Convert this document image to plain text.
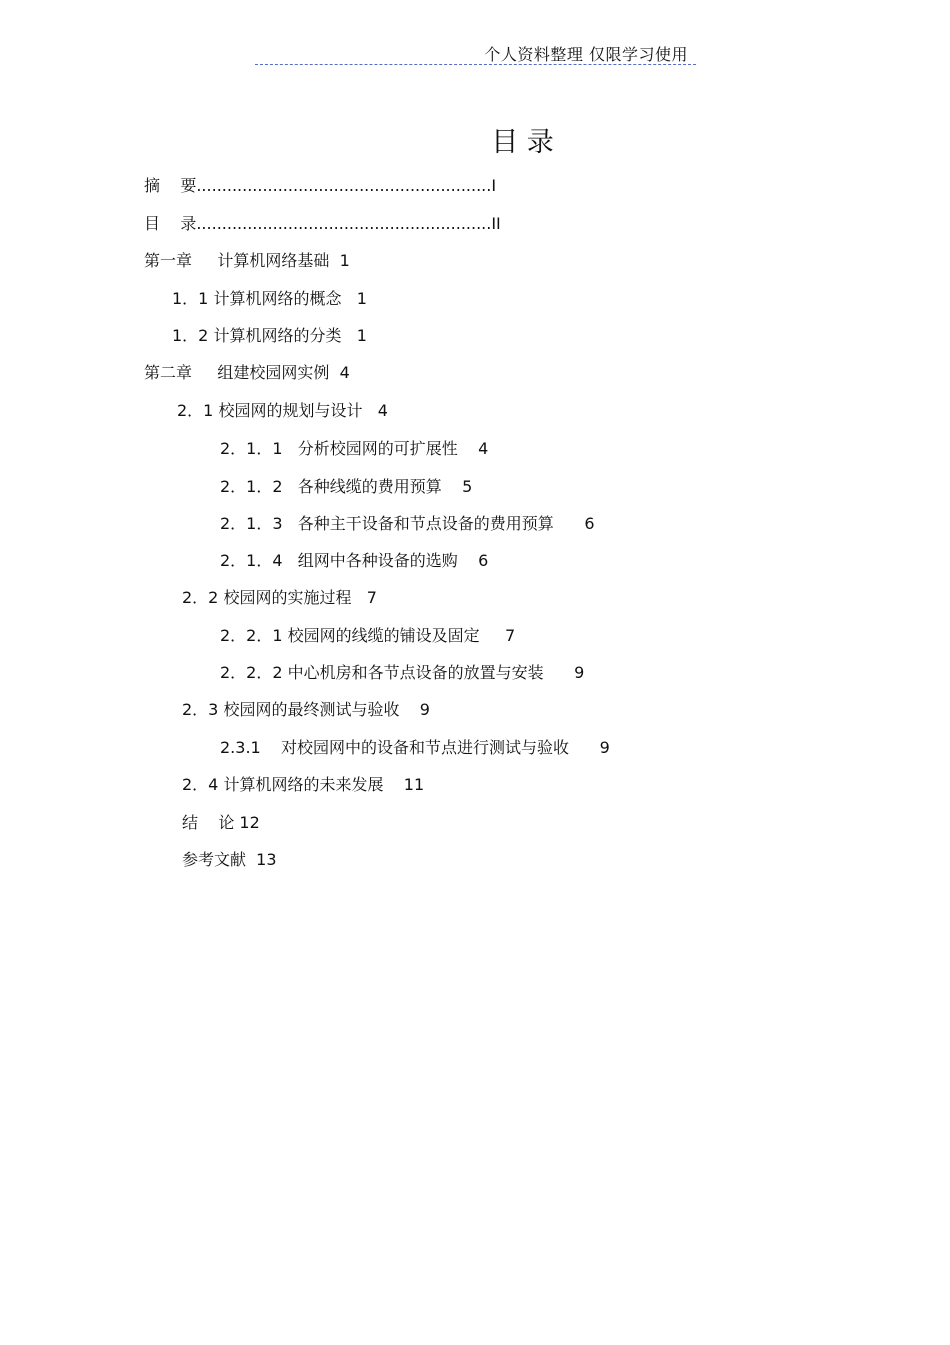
个人资料整理 仅限学习使用
目 录
摘    要..........................................................I
目    录..........................................................II
第一章     计算机网络基础  1
1．1 计算机网络的概念   1
1．2 计算机网络的分类   1
第二章     组建校园网实例  4
2．1 校园网的规划与设计   4
2．1．1   分析校园网的可扩展性    4
2．1．2   各种线缆的费用预算    5
2．1．3   各种主干设备和节点设备的费用预算      6
2．1．4   组网中各种设备的选购    6
2．2 校园网的实施过程   7
2．2．1 校园网的线缆的铺设及固定     7
2．2．2 中心机房和各节点设备的放置与安装      9
2．3 校园网的最终测试与验收    9
2.3.1    对校园网中的设备和节点进行测试与验收      9
2．4 计算机网络的未来发展    11
结    论 12
参考文献  13
